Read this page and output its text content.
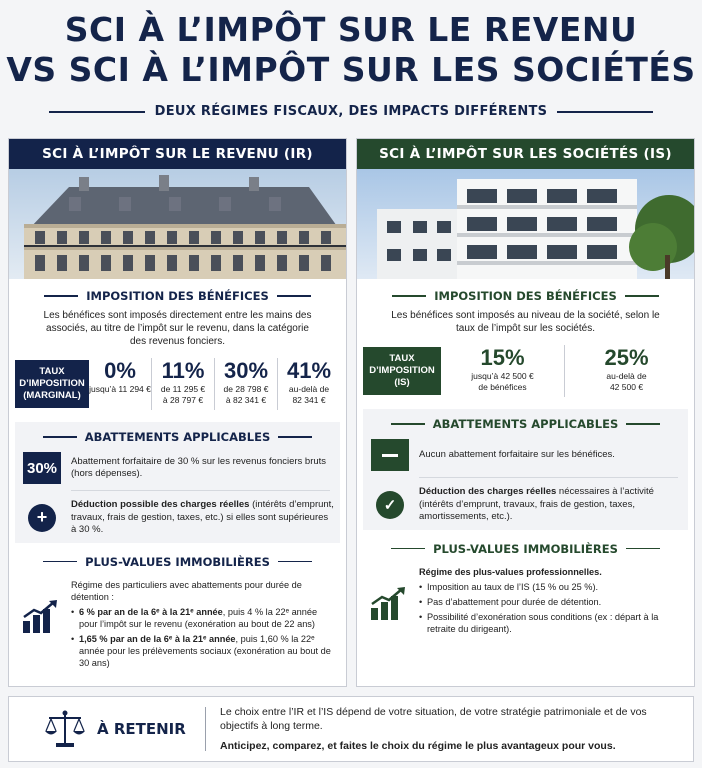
SCI À L’IMPÔT SUR LE REVENU
VS SCI À L’IMPÔT SUR LES SOCIÉTÉS
DEUX RÉGIMES FISCAUX, DES IMPACTS DIFFÉRENTS
SCI À L’IMPÔT SUR LE REVENU (IR)
IMPOSITION DES BÉNÉFICES
Les bénéfices sont imposés directement entre les mains des associés, au titre de l’impôt sur le revenu, dans la catégorie des revenus fonciers.
TAUX D’IMPOSITION
(MARGINAL)
0%
jusqu’à 11 294 €
11%
de 11 295 €
à 28 797 €
30%
de 28 798 €
à 82 341 €
41%
au-delà de
82 341 €
ABATTEMENTS APPLICABLES
30%	Abattement forfaitaire de 30 % sur les revenus fonciers bruts (hors dépenses).
+
Déduction possible des charges réelles (intérêts d’emprunt, travaux, frais de gestion, taxes, etc.) si elles sont supérieures à 30 %.
PLUS-VALUES IMMOBILIÈRES
Régime des particuliers avec abattements pour durée de détention :
• 6 % par an de la 6ᵉ à la 21ᵉ année, puis 4 % la 22ᵉ année pour l’impôt sur le revenu (exonération au bout de 22 ans)
• 1,65 % par an de la 6ᵉ à la 21ᵉ année, puis 1,60 % la 22ᵉ année pour les prélèvements sociaux (exonération au bout de 30 ans)
SCI À L’IMPÔT SUR LES SOCIÉTÉS (IS)
IMPOSITION DES BÉNÉFICES
Les bénéfices sont imposés au niveau de la société, selon le taux de l’impôt sur les sociétés.
TAUX D’IMPOSITION
(IS)
15%
jusqu’à 42 500 €
de bénéfices
25%
au-delà de
42 500 €
ABATTEMENTS APPLICABLES
Aucun abattement forfaitaire sur les bénéfices.
✓
Déduction des charges réelles nécessaires à l’activité (intérêts d’emprunt, travaux, frais de gestion, taxes, amortissements, etc.).
PLUS-VALUES IMMOBILIÈRES
Régime des plus-values professionnelles.
• Imposition au taux de l’IS (15 % ou 25 %).
• Pas d’abattement pour durée de détention.
• Possibilité d’exonération sous conditions (ex : départ à la retraite du dirigeant).
À RETENIR
Le choix entre l’IR et l’IS dépend de votre situation, de votre stratégie patrimoniale et de vos objectifs à long terme.
Anticipez, comparez, et faites le choix du régime le plus avantageux pour vous.
